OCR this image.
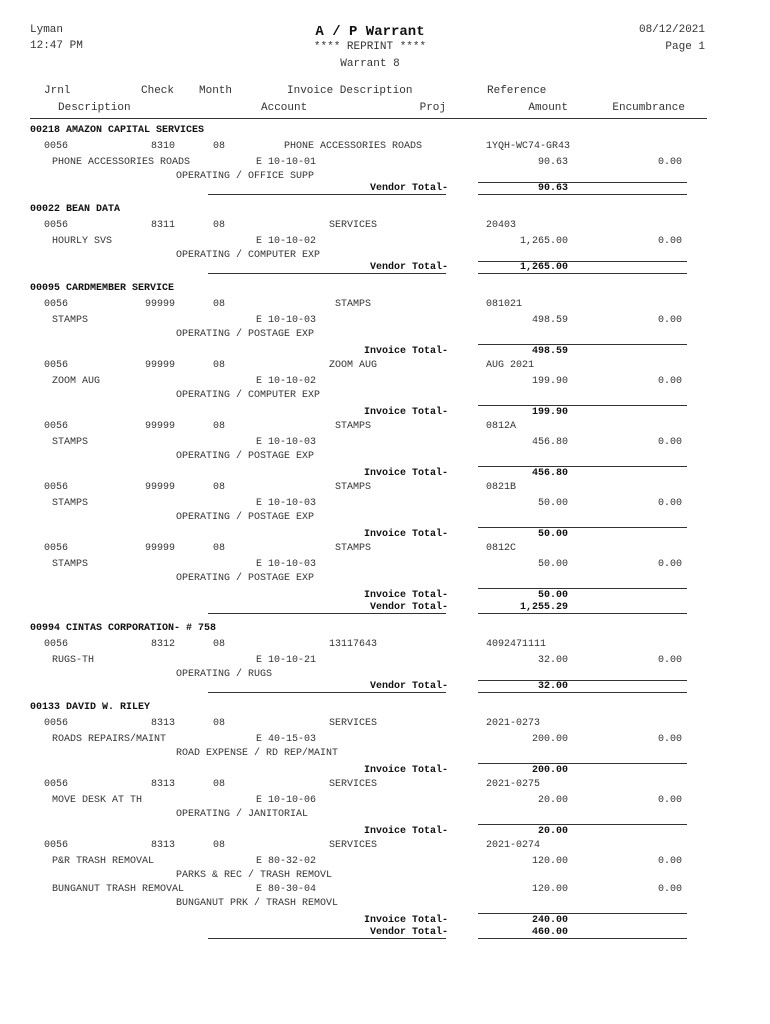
Lyman
12:47 PM
A / P Warrant
**** REPRINT ****
Warrant 8
08/12/2021
Page 1
Jrnl	Check Month	Invoice Description	Reference
Description	Account	Proj	Amount	Encumbrance
00218 AMAZON CAPITAL SERVICES
0056	8310	08	PHONE ACCESSORIES ROADS	1YQH-WC74-GR43
PHONE ACCESSORIES ROADS	E 10-10-01	90.63	0.00
OPERATING / OFFICE SUPP
Vendor Total-	90.63
00022 BEAN DATA
0056	8311	08	SERVICES	20403
HOURLY SVS	E 10-10-02	1,265.00	0.00
OPERATING / COMPUTER EXP
Vendor Total-	1,265.00
00095 CARDMEMBER SERVICE
0056	99999	08	STAMPS	081021
STAMPS	E 10-10-03	498.59	0.00
OPERATING / POSTAGE EXP
Invoice Total-	498.59
0056	99999	08	ZOOM AUG	AUG 2021
ZOOM AUG	E 10-10-02	199.90	0.00
OPERATING / COMPUTER EXP
Invoice Total-	199.90
0056	99999	08	STAMPS	0812A
STAMPS	E 10-10-03	456.80	0.00
OPERATING / POSTAGE EXP
Invoice Total-	456.80
0056	99999	08	STAMPS	0821B
STAMPS	E 10-10-03	50.00	0.00
OPERATING / POSTAGE EXP
Invoice Total-	50.00
0056	99999	08	STAMPS	0812C
STAMPS	E 10-10-03	50.00	0.00
OPERATING / POSTAGE EXP
Invoice Total-	50.00
Vendor Total-	1,255.29
00994 CINTAS CORPORATION- # 758
0056	8312	08	13117643	4092471111
RUGS-TH	E 10-10-21	32.00	0.00
OPERATING / RUGS
Vendor Total-	32.00
00133 DAVID W. RILEY
0056	8313	08	SERVICES	2021-0273
ROADS REPAIRS/MAINT	E 40-15-03	200.00	0.00
ROAD EXPENSE / RD REP/MAINT
Invoice Total-	200.00
0056	8313	08	SERVICES	2021-0275
MOVE DESK AT TH	E 10-10-06	20.00	0.00
OPERATING / JANITORIAL
Invoice Total-	20.00
0056	8313	08	SERVICES	2021-0274
P&R TRASH REMOVAL	E 80-32-02	120.00	0.00
PARKS & REC / TRASH REMOVL
BUNGANUT TRASH REMOVAL	E 80-30-04	120.00	0.00
BUNGANUT PRK / TRASH REMOVL
Invoice Total-	240.00
Vendor Total-	460.00
